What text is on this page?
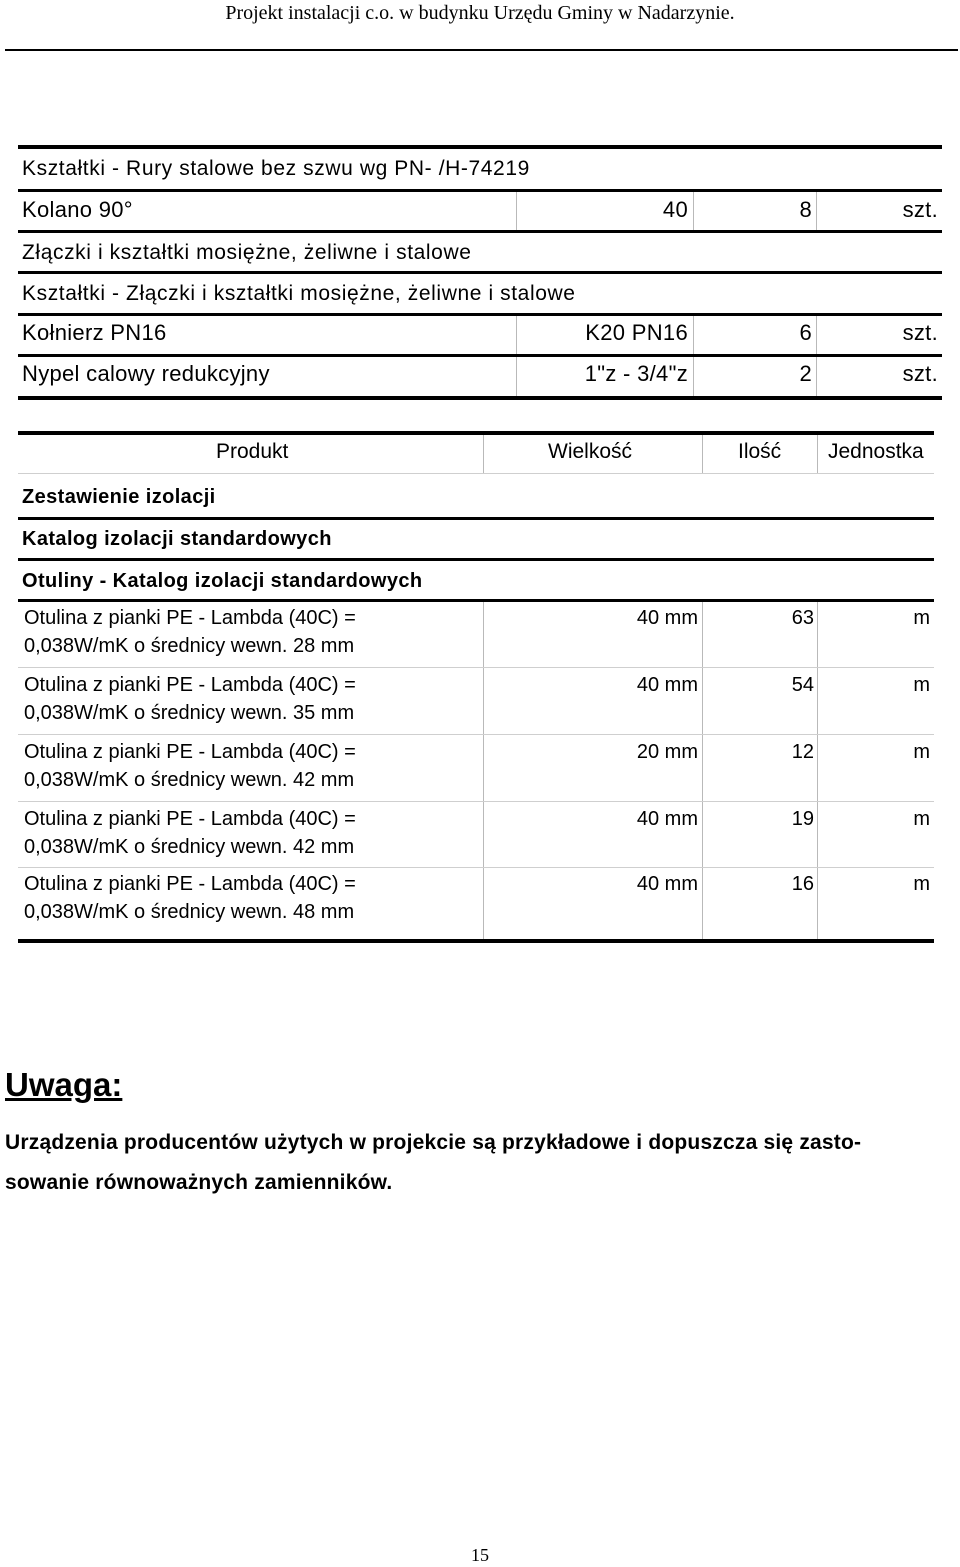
Projekt instalacji c.o. w budynku Urzędu Gminy w Nadarzynie.
Kształtki - Rury stalowe bez szwu wg PN- /H-74219
Kolano 90°	40	8	szt.
Złączki i kształtki mosiężne, żeliwne i stalowe
Kształtki - Złączki i kształtki mosiężne, żeliwne i stalowe
Kołnierz PN16	K20 PN16	6	szt.
Nypel calowy redukcyjny	1"z - 3/4"z	2	szt.
Produkt	Wielkość	Ilość Jednostka
Zestawienie izolacji
Katalog izolacji standardowych
Otuliny - Katalog izolacji standardowych
Otulina z pianki PE - Lambda (40C) =
0,038W/mK o średnicy wewn. 28 mm
40 mm	63	m
Otulina z pianki PE - Lambda (40C) =
0,038W/mK o średnicy wewn. 35 mm
40 mm	54	m
Otulina z pianki PE - Lambda (40C) =
0,038W/mK o średnicy wewn. 42 mm
20 mm	12	m
Otulina z pianki PE - Lambda (40C) =
0,038W/mK o średnicy wewn. 42 mm
40 mm	19	m
Otulina z pianki PE - Lambda (40C) =
0,038W/mK o średnicy wewn. 48 mm
40 mm	16	m
Uwaga:
Urządzenia producentów użytych w projekcie są przykładowe i dopuszcza się zasto-
sowanie równoważnych zamienników.
15
